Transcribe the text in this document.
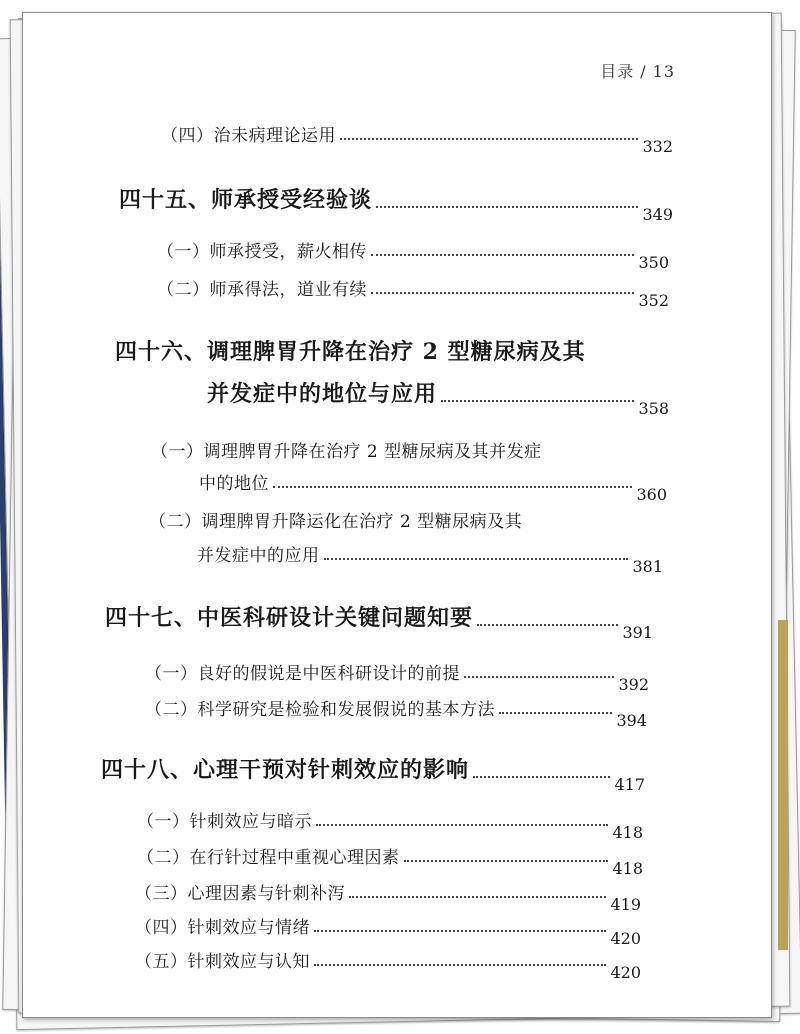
目录 / 13
（四）治未病理论运用
332
四十五、师承授受经验谈
349
（一）师承授受，薪火相传
350
（二）师承得法，道业有续
352
四十六、调理脾胃升降在治疗 2 型糖尿病及其
并发症中的地位与应用
358
（一）调理脾胃升降在治疗 2 型糖尿病及其并发症
中的地位
360
（二）调理脾胃升降运化在治疗 2 型糖尿病及其
并发症中的应用
381
四十七、中医科研设计关键问题知要
391
（一）良好的假说是中医科研设计的前提
392
（二）科学研究是检验和发展假说的基本方法
394
四十八、心理干预对针刺效应的影响
417
（一）针刺效应与暗示
418
（二）在行针过程中重视心理因素
418
（三）心理因素与针刺补泻
419
（四）针刺效应与情绪
420
（五）针刺效应与认知
420
